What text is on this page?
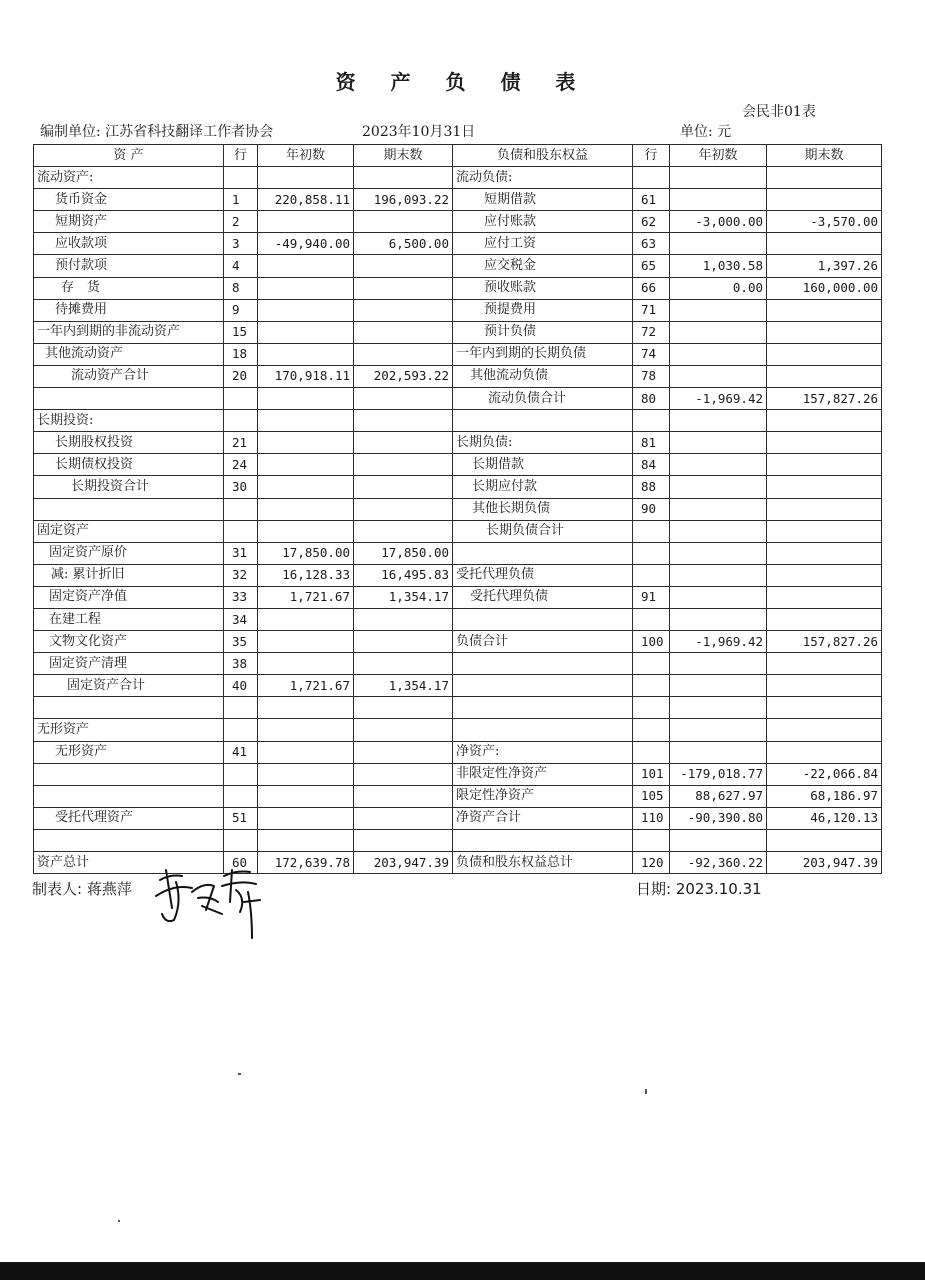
资 产 负 债 表
会民非01表
编制单位: 江苏省科技翻译工作者协会	2023年10月31日	单位: 元
资 产	行	年初数	期末数	负债和股东权益	行	年初数	期末数
流动资产:				流动负债:			
货币资金	1	220,858.11	196,093.22	短期借款	61		
短期资产	2			应付账款	62	-3,000.00	-3,570.00
应收款项	3	-49,940.00	6,500.00	应付工资	63		
预付款项	4			应交税金	65	1,030.58	1,397.26
存　货	8			预收账款	66	0.00	160,000.00
待摊费用	9			预提费用	71		
一年内到期的非流动资产	15			预计负债	72		
其他流动资产	18			一年内到期的长期负债	74		
流动资产合计	20	170,918.11	202,593.22	其他流动负债	78		
				流动负债合计	80	-1,969.42	157,827.26
长期投资:							
长期股权投资	21			长期负债:	81		
长期债权投资	24			长期借款	84		
长期投资合计	30			长期应付款	88		
				其他长期负债	90		
固定资产				长期负债合计			
固定资产原价	31	17,850.00	17,850.00				
减: 累计折旧	32	16,128.33	16,495.83	受托代理负债			
固定资产净值	33	1,721.67	1,354.17	受托代理负债	91		
在建工程	34						
文物文化资产	35			负债合计	100	-1,969.42	157,827.26
固定资产清理	38						
固定资产合计	40	1,721.67	1,354.17				

无形资产							
无形资产	41			净资产:			
				非限定性净资产	101	-179,018.77	-22,066.84
				限定性净资产	105	88,627.97	68,186.97
受托代理资产	51			净资产合计	110	-90,390.80	46,120.13

资产总计	60	172,639.78	203,947.39	负债和股东权益总计	120	-92,360.22	203,947.39
制表人: 蒋燕萍	日期: 2023.10.31
